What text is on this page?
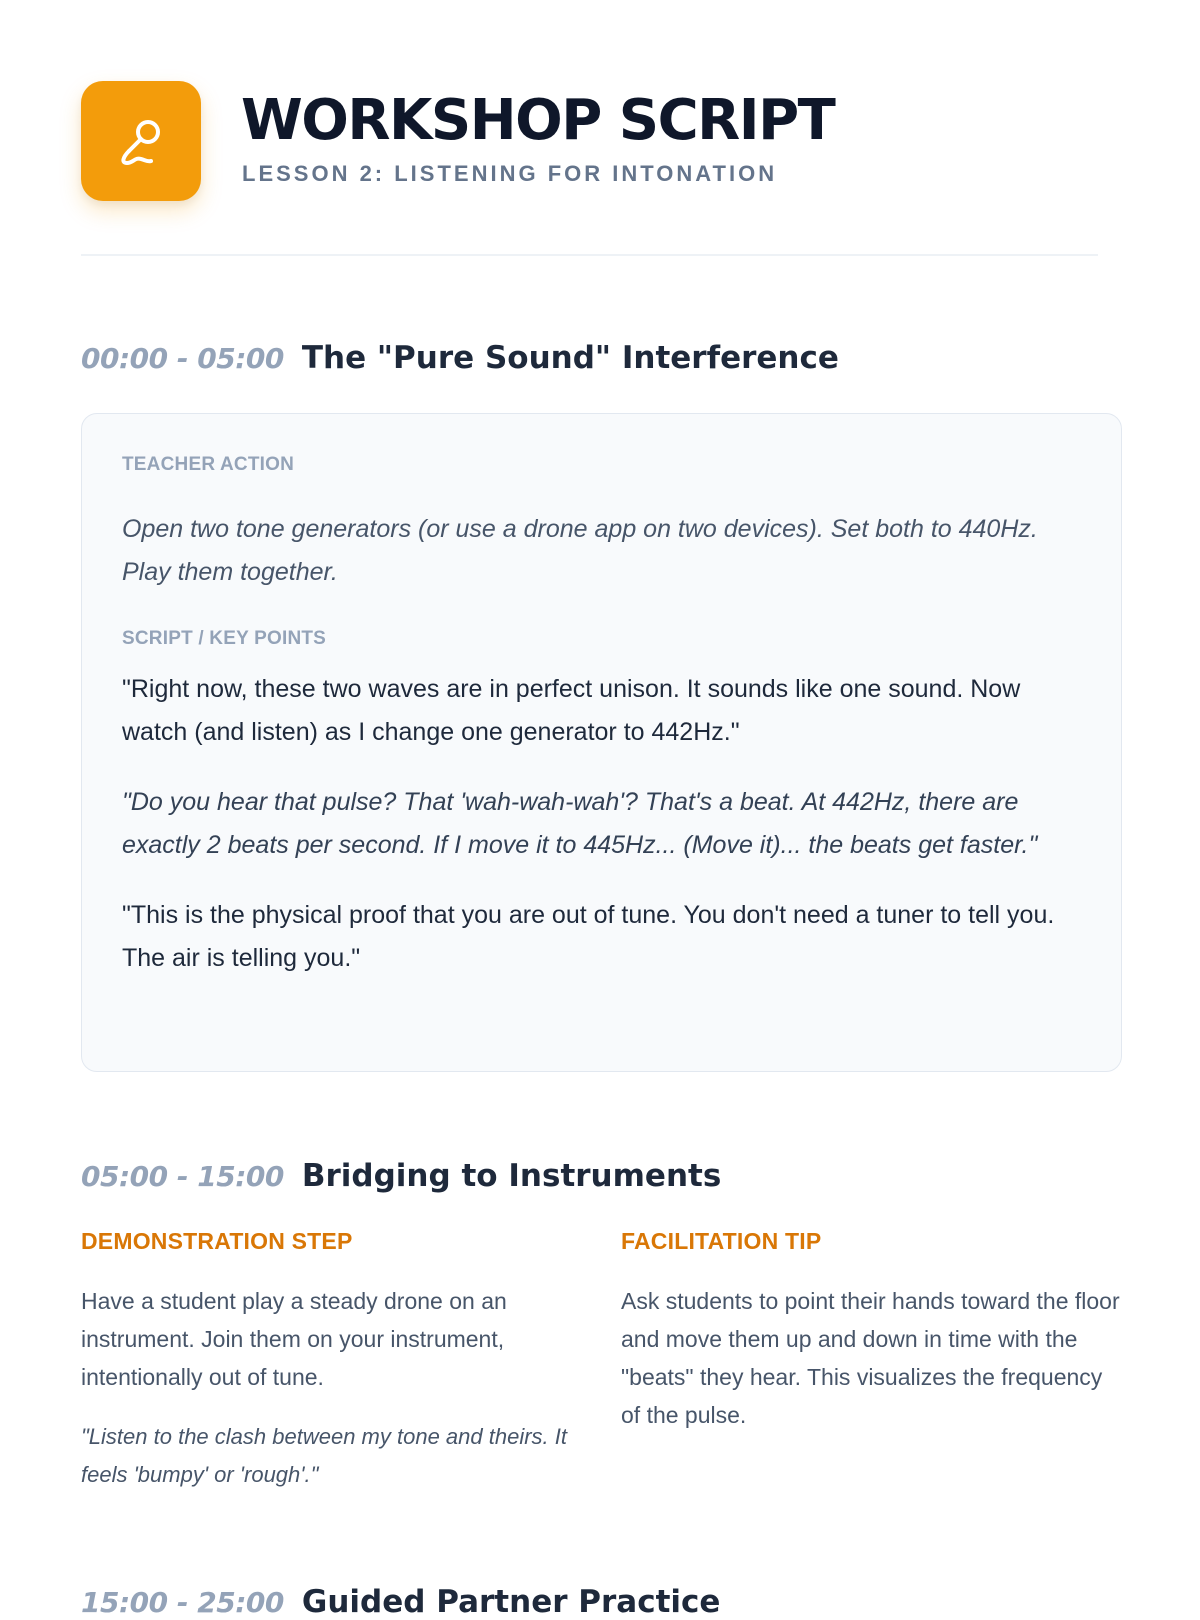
WORKSHOP SCRIPT
LESSON 2: LISTENING FOR INTONATION
00:00 - 05:00 The "Pure Sound" Interference
TEACHER ACTION

Open two tone generators (or use a drone app on two devices). Set both to 440Hz. Play them together.

SCRIPT / KEY POINTS

"Right now, these two waves are in perfect unison. It sounds like one sound. Now watch (and listen) as I change one generator to 442Hz."

"Do you hear that pulse? That 'wah-wah-wah'? That's a beat. At 442Hz, there are exactly 2 beats per second. If I move it to 445Hz... (Move it)... the beats get faster."

"This is the physical proof that you are out of tune. You don't need a tuner to tell you. The air is telling you."

05:00 - 15:00 Bridging to Instruments
DEMONSTRATION STEP

Have a student play a steady drone on an instrument. Join them on your instrument, intentionally out of tune.

"Listen to the clash between my tone and theirs. It feels 'bumpy' or 'rough'."

FACILITATION TIP

Ask students to point their hands toward the floor and move them up and down in time with the "beats" they hear. This visualizes the frequency of the pulse.

15:00 - 25:00 Guided Partner Practice
